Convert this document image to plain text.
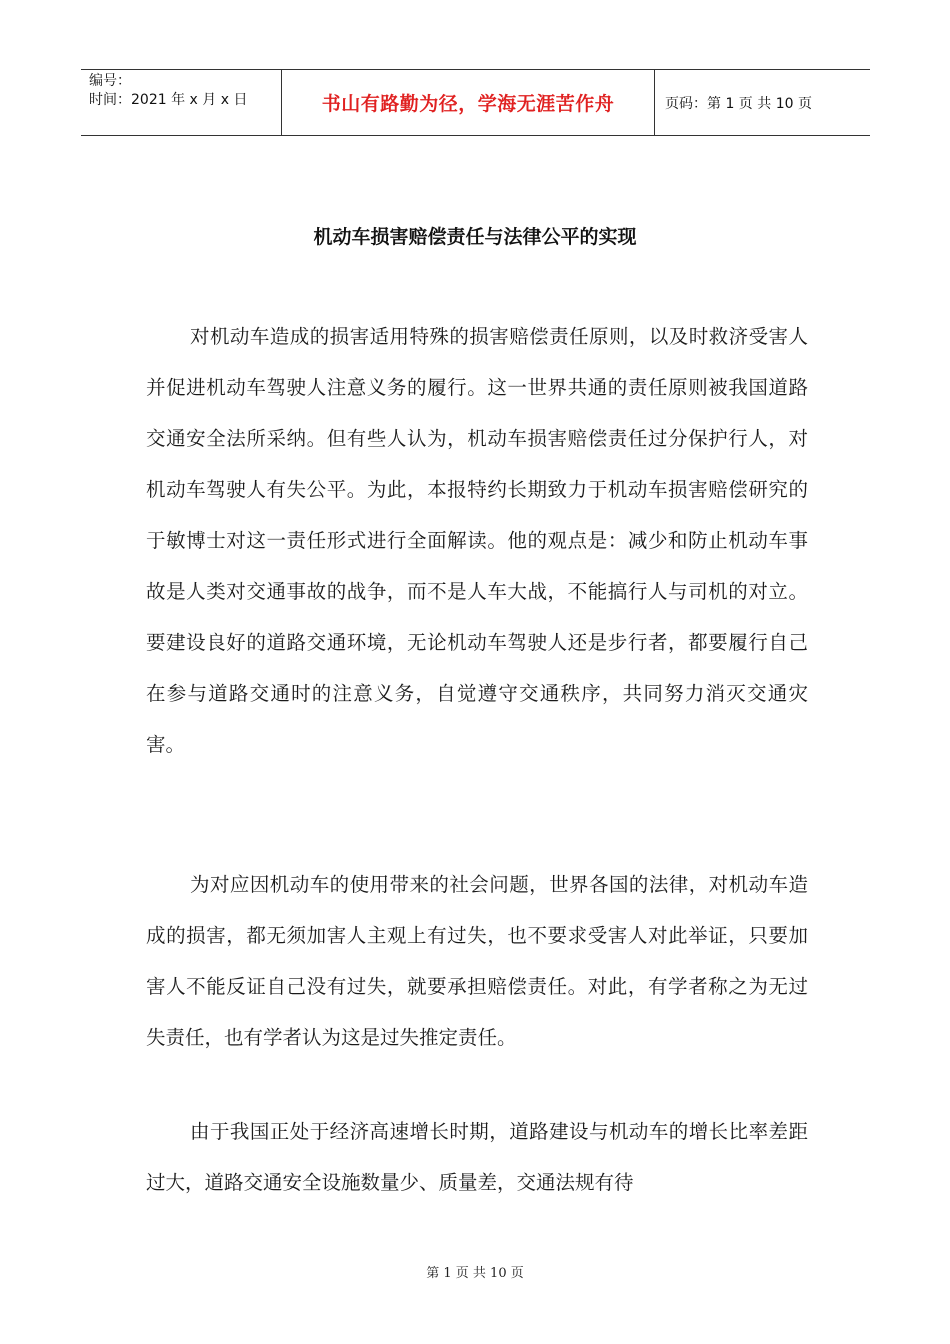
编号：
时间：2021 年 x 月 x 日	书山有路勤为径，学海无涯苦作舟	页码：第 1 页 共 10 页
机动车损害赔偿责任与法律公平的实现

对机动车造成的损害适用特殊的损害赔偿责任原则，以及时救济受害人并促进机动车驾驶人注意义务的履行。这一世界共通的责任原则被我国道路交通安全法所采纳。但有些人认为，机动车损害赔偿责任过分保护行人，对机动车驾驶人有失公平。为此，本报特约长期致力于机动车损害赔偿研究的于敏博士对这一责任形式进行全面解读。他的观点是：减少和防止机动车事故是人类对交通事故的战争，而不是人车大战，不能搞行人与司机的对立。要建设良好的道路交通环境，无论机动车驾驶人还是步行者，都要履行自己在参与道路交通时的注意义务，自觉遵守交通秩序，共同努力消灭交通灾害。

为对应因机动车的使用带来的社会问题，世界各国的法律，对机动车造成的损害，都无须加害人主观上有过失，也不要求受害人对此举证，只要加害人不能反证自己没有过失，就要承担赔偿责任。对此，有学者称之为无过失责任，也有学者认为这是过失推定责任。

由于我国正处于经济高速增长时期，道路建设与机动车的增长比率差距过大，道路交通安全设施数量少、质量差，交通法规有待

第 1 页 共 10 页
